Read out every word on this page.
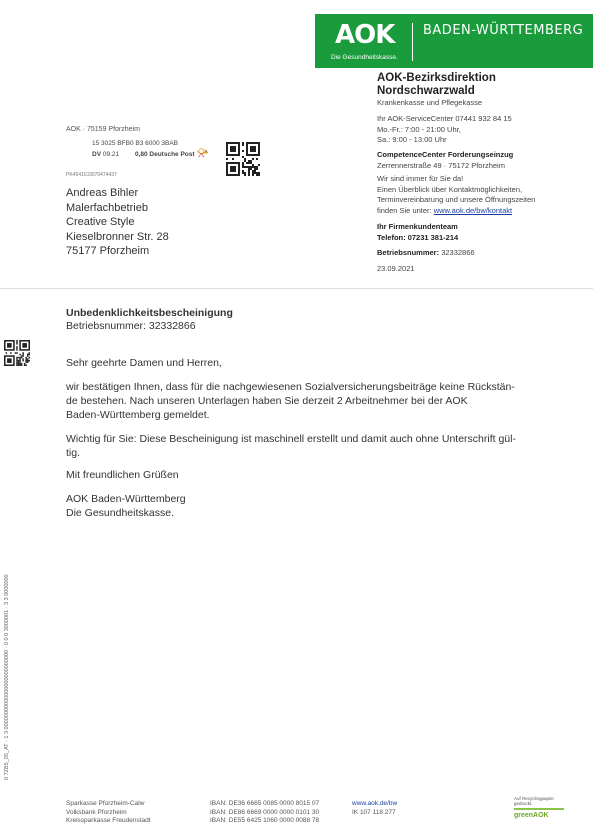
AOK
Die Gesundheitskasse.
BADEN-WÜRTTEMBERG
AOK-Bezirksdirektion
Nordschwarzwald
Krankenkasse und Pflegekasse
Ihr AOK-ServiceCenter 07441 932 84 15
Mo.-Fr.: 7:00 - 21:00 Uhr,
Sa.: 9:00 - 13:00 Uhr
CompetenceCenter Forderungseinzug
Zerrennerstraße 49 · 75172 Pforzheim
Wir sind immer für Sie da!
Einen Überblick über Kontaktmöglichkeiten,
Terminvereinbarung und unsere Öffnungszeiten
finden Sie unter: www.aok.de/bw/kontakt
Ihr Firmenkundenteam
Telefon: 07231 381-214
Betriebsnummer: 32332866
23.09.2021
AOK · 75159 Pforzheim
15 3025 BFB0 B3 6000 3BAB
DV 09.21 0,80 Deutsche Post 📯
PK4541103070474437
Andreas Bihler
Malerfachbetrieb
Creative Style
Kieselbronner Str. 28
75177 Pforzheim
Unbedenklichkeitsbescheinigung
Betriebsnummer: 32332866
Sehr geehrte Damen und Herren,
wir bestätigen Ihnen, dass für die nachgewiesenen Sozialversicherungsbeiträge keine Rückstän-
de bestehen. Nach unseren Unterlagen haben Sie derzeit 2 Arbeitnehmer bei der AOK
Baden-Württemberg gemeldet.
Wichtig für Sie: Diese Bescheinigung ist maschinell erstellt und damit auch ohne Unterschrift gül-
tig.
Mit freundlichen Grüßen
AOK Baden-Württemberg
Die Gesundheitskasse.
0 7ZB5_05_AT · 1 3 00000000000000000000000000 · 0 0 0 3000001 · 3 3 0000000
Sparkasse Pforzheim-Calw
Volksbank Pforzheim
Kreissparkasse Freudenstadt
IBAN: DE36 6665 0085 0000 8015 07
IBAN: DE86 6669 0000 0000 0101 30
IBAN: DE55 6425 1060 0000 0088 78
www.aok.de/bw
IK 107 118 277
Auf Recyclingpapier gedruckt.
greenAOK
